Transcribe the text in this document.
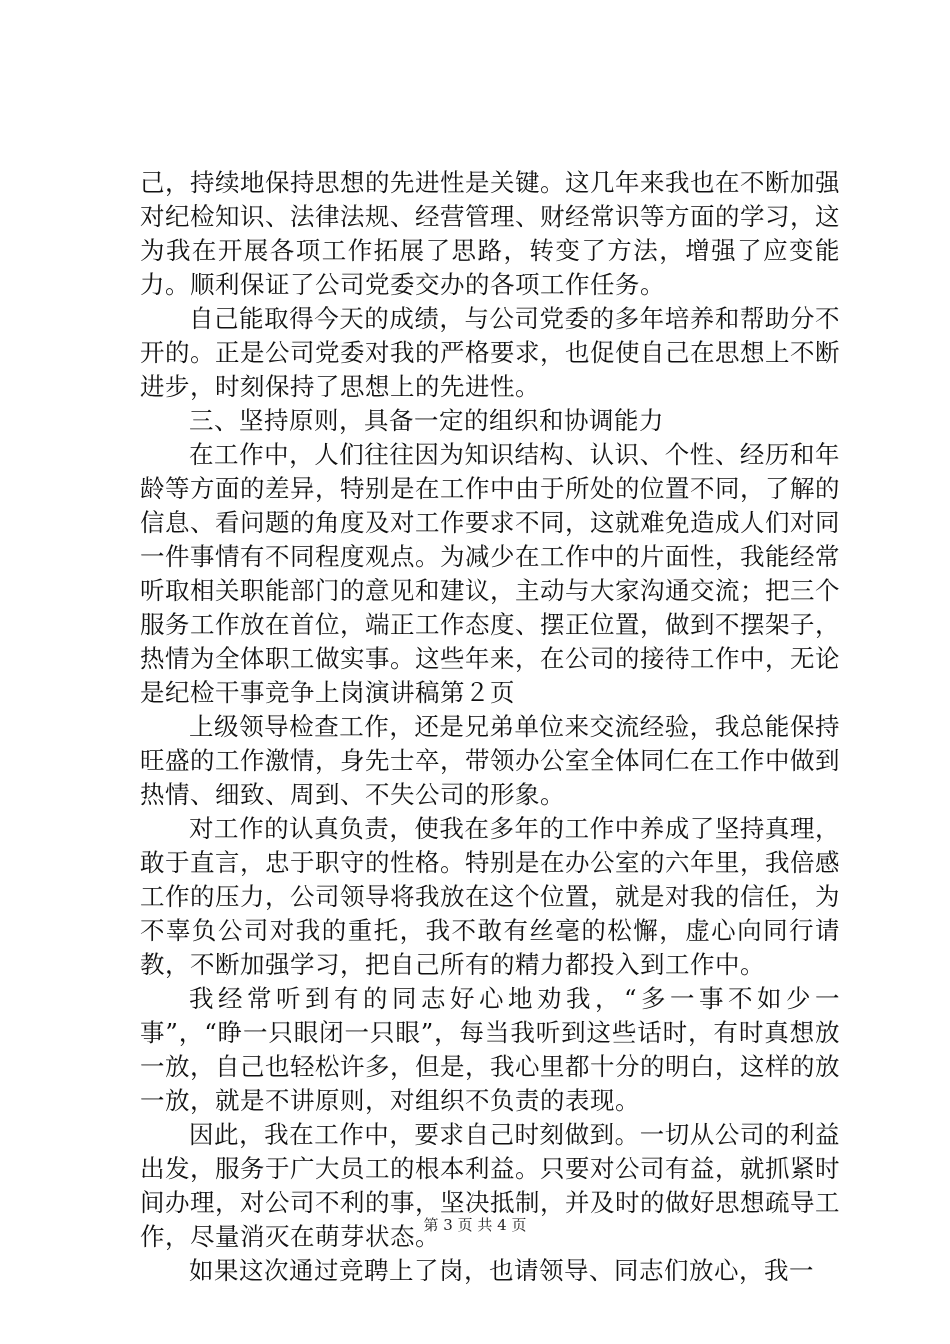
己，持续地保持思想的先进性是关键。这几年来我也在不断加强对纪检知识、法律法规、经营管理、财经常识等方面的学习，这为我在开展各项工作拓展了思路，转变了方法，增强了应变能力。顺利保证了公司党委交办的各项工作任务。

自己能取得今天的成绩，与公司党委的多年培养和帮助分不开的。正是公司党委对我的严格要求，也促使自己在思想上不断进步，时刻保持了思想上的先进性。

三、坚持原则，具备一定的组织和协调能力

在工作中，人们往往因为知识结构、认识、个性、经历和年龄等方面的差异，特别是在工作中由于所处的位置不同，了解的信息、看问题的角度及对工作要求不同，这就难免造成人们对同一件事情有不同程度观点。为减少在工作中的片面性，我能经常听取相关职能部门的意见和建议，主动与大家沟通交流；把三个服务工作放在首位，端正工作态度、摆正位置，做到不摆架子，热情为全体职工做实事。这些年来，在公司的接待工作中，无论是纪检干事竞争上岗演讲稿第２页

上级领导检查工作，还是兄弟单位来交流经验，我总能保持旺盛的工作激情，身先士卒，带领办公室全体同仁在工作中做到热情、细致、周到、不失公司的形象。

对工作的认真负责，使我在多年的工作中养成了坚持真理，敢于直言，忠于职守的性格。特别是在办公室的六年里，我倍感工作的压力，公司领导将我放在这个位置，就是对我的信任，为不辜负公司对我的重托，我不敢有丝毫的松懈，虚心向同行请教，不断加强学习，把自己所有的精力都投入到工作中。

我经常听到有的同志好心地劝我，“多一事不如少一事”，“睁一只眼闭一只眼”，每当我听到这些话时，有时真想放一放，自己也轻松许多，但是，我心里都十分的明白，这样的放一放，就是不讲原则，对组织不负责的表现。

因此，我在工作中，要求自己时刻做到。一切从公司的利益出发，服务于广大员工的根本利益。只要对公司有益，就抓紧时间办理，对公司不利的事，坚决抵制，并及时的做好思想疏导工作，尽量消灭在萌芽状态。

如果这次通过竞聘上了岗，也请领导、同志们放心，我一

第 3 页 共 4 页
